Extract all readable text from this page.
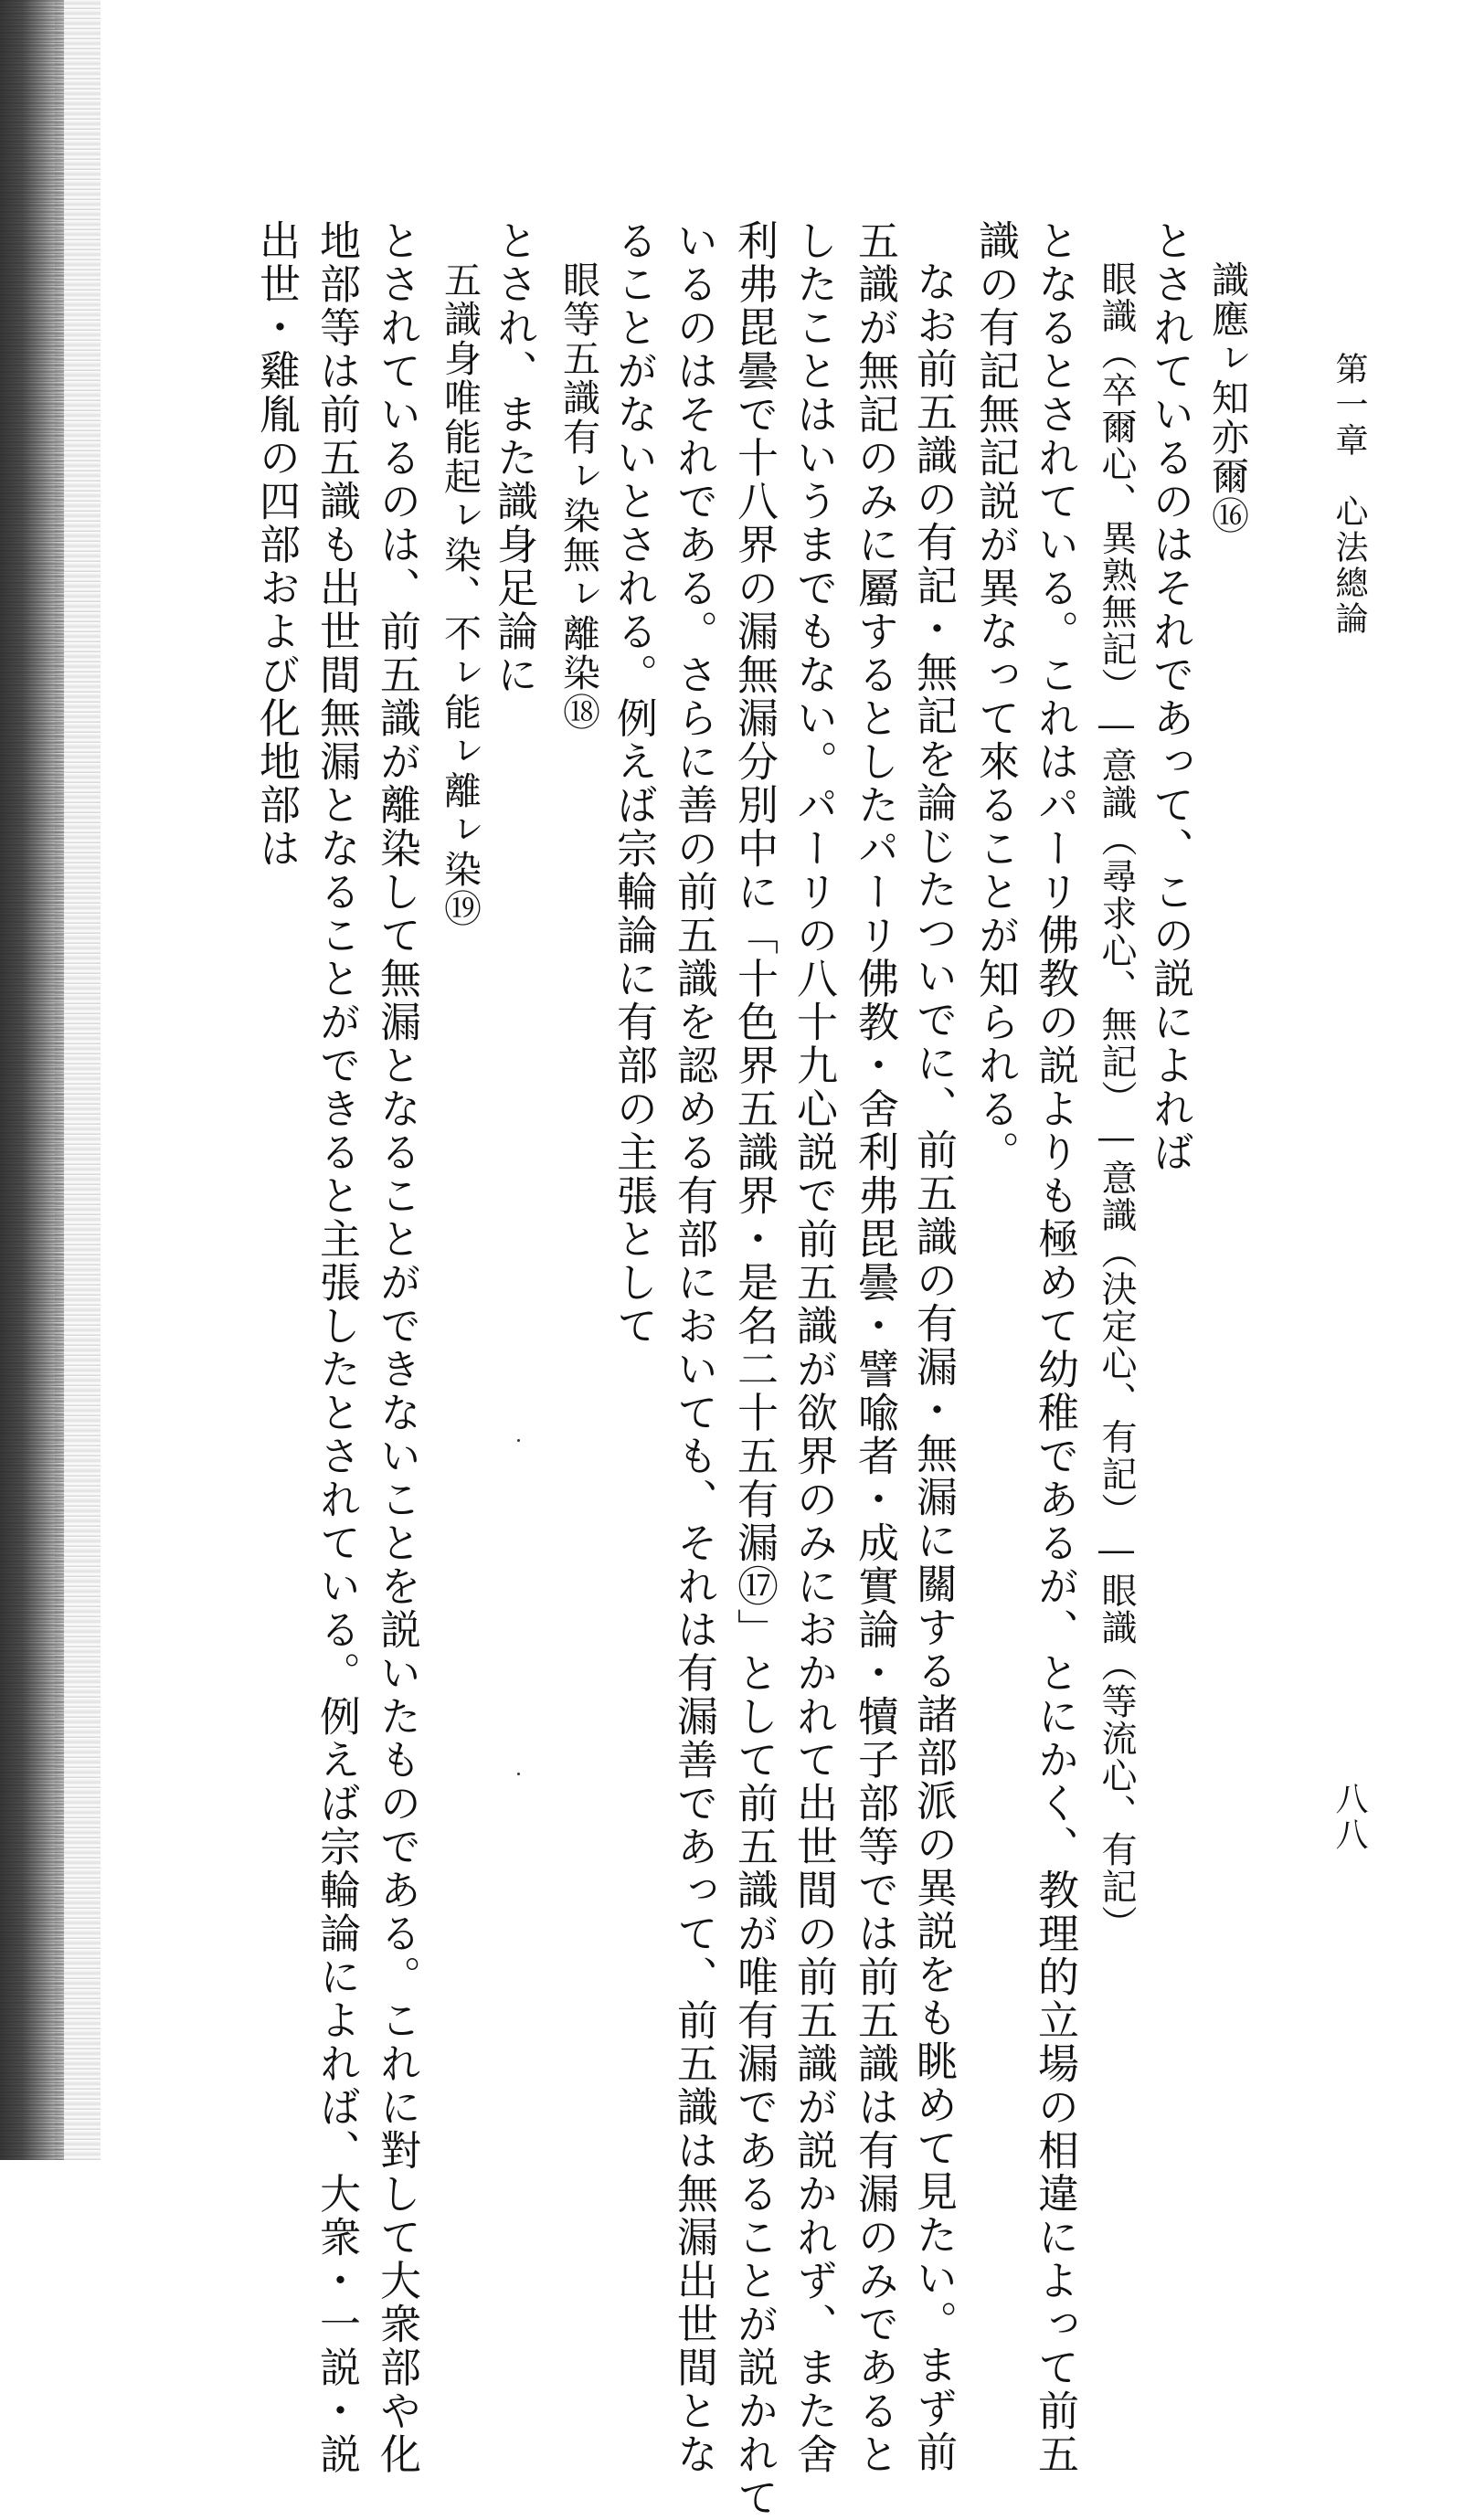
第一章　心法總論
八八
識應ㇾ知亦爾⑯
とされているのはそれであって、この説によれば
眼識（卒爾心、異熟無記）―意識（尋求心、無記）―意識（決定心、有記）―眼識（等流心、有記）
となるとされている。これはパーリ佛教の説よりも極めて幼稚であるが、とにかく、教理的立場の相違によって前五
識の有記無記説が異なって來ることが知られる。
なお前五識の有記・無記を論じたついでに、前五識の有漏・無漏に關する諸部派の異説をも眺めて見たい。まず前
五識が無記のみに屬するとしたパーリ佛教・舍利弗毘曇・譬喩者・成實論・犢子部等では前五識は有漏のみであると
したことはいうまでもない。パーリの八十九心説で前五識が欲界のみにおかれて出世間の前五識が説かれず、また舍
利弗毘曇で十八界の漏無漏分別中に「十色界五識界・是名二十五有漏⑰」として前五識が唯有漏であることが説かれて
いるのはそれである。さらに善の前五識を認める有部においても、それは有漏善であって、前五識は無漏出世間とな
ることがないとされる。例えば宗輪論に有部の主張として
眼等五識有ㇾ染無ㇾ離染⑱
とされ、また識身足論に
五識身唯能起ㇾ染、不ㇾ能ㇾ離ㇾ染⑲
とされているのは、前五識が離染して無漏となることができないことを説いたものである。これに對して大衆部や化
地部等は前五識も出世間無漏となることができると主張したとされている。例えば宗輪論によれば、大衆・一説・説
出世・雞胤の四部および化地部は
